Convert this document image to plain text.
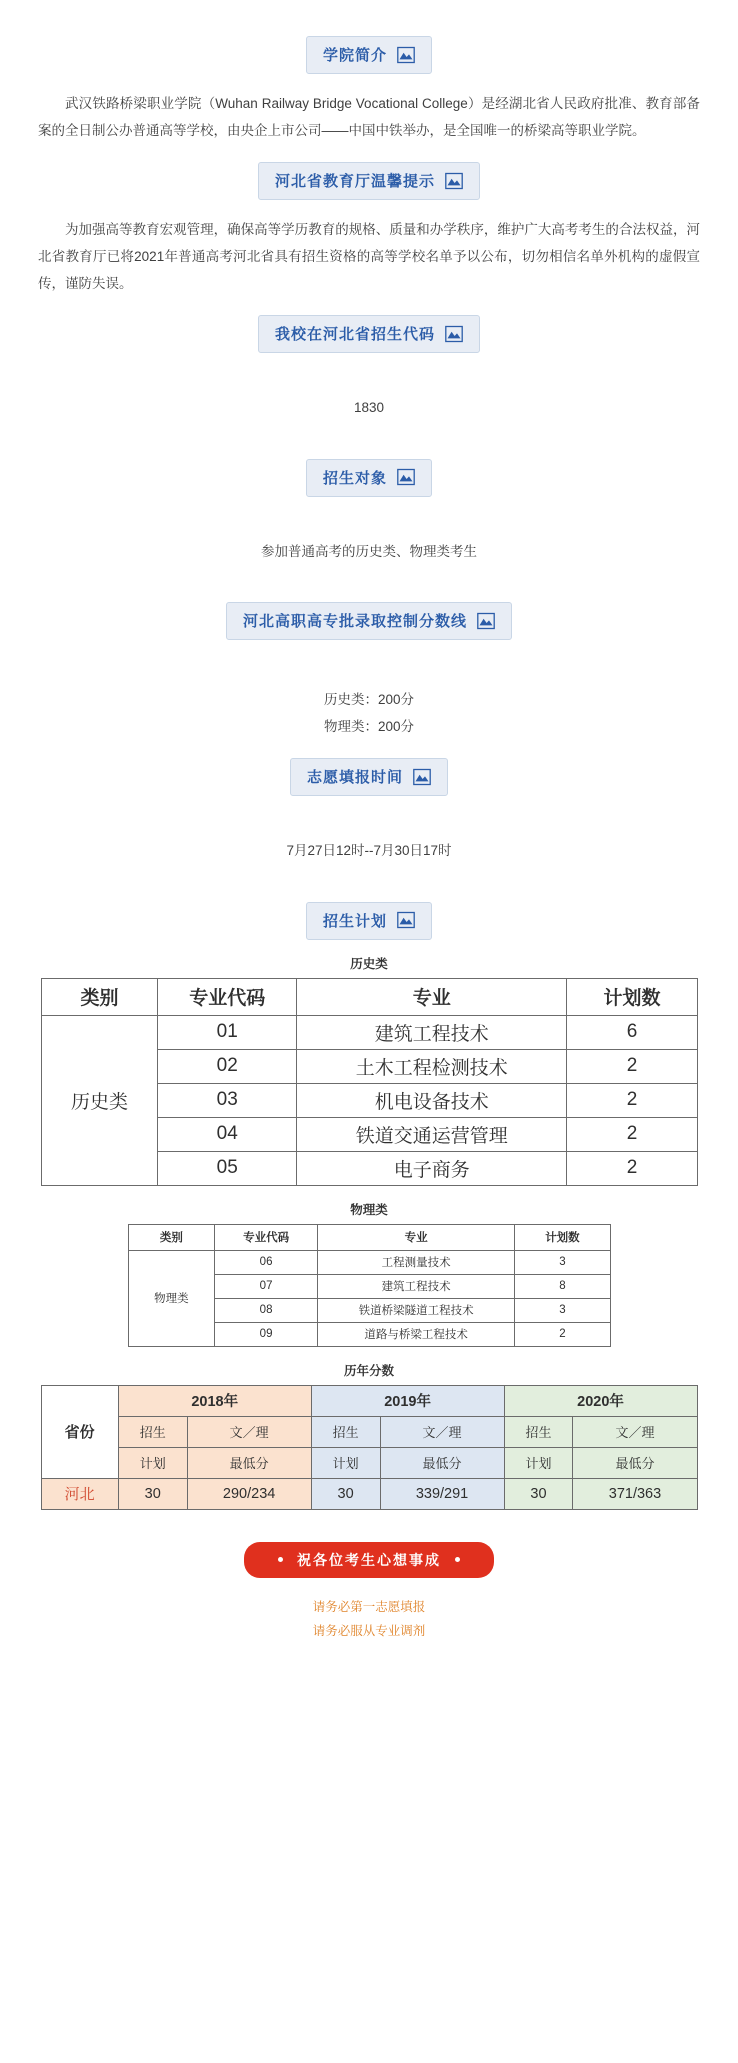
学院简介

武汉铁路桥梁职业学院（Wuhan Railway Bridge Vocational College）是经湖北省人民政府批准、教育部备案的全日制公办普通高等学校，由央企上市公司——中国中铁举办，是全国唯一的桥梁高等职业学院。

河北省教育厅温馨提示

为加强高等教育宏观管理，确保高等学历教育的规格、质量和办学秩序，维护广大高考考生的合法权益，河北省教育厅已将2021年普通高考河北省具有招生资格的高等学校名单予以公布，切勿相信名单外机构的虚假宣传，谨防失误。

我校在河北省招生代码
1830
招生对象
参加普通高考的历史类、物理类考生
河北高职高专批录取控制分数线
历史类：200分
物理类：200分
志愿填报时间
7月27日12时--7月30日17时
招生计划
历史类
类别	专业代码	专业	计划数
历史类	01	建筑工程技术	6
	02	土木工程检测技术	2
	03	机电设备技术	2
	04	铁道交通运营管理	2
	05	电子商务	2
物理类
类别	专业代码	专业	计划数
物理类	06	工程测量技术	3
	07	建筑工程技术	8
	08	铁道桥梁隧道工程技术	3
	09	道路与桥梁工程技术	2
历年分数
省份	2018年		2019年		2020年	
	招生	文／理	招生	文／理	招生	文／理
	计划	最低分	计划	最低分	计划	最低分
河北	30	290/234	30	339/291	30	371/363
祝各位考生心想事成
请务必第一志愿填报
请务必服从专业调剂
